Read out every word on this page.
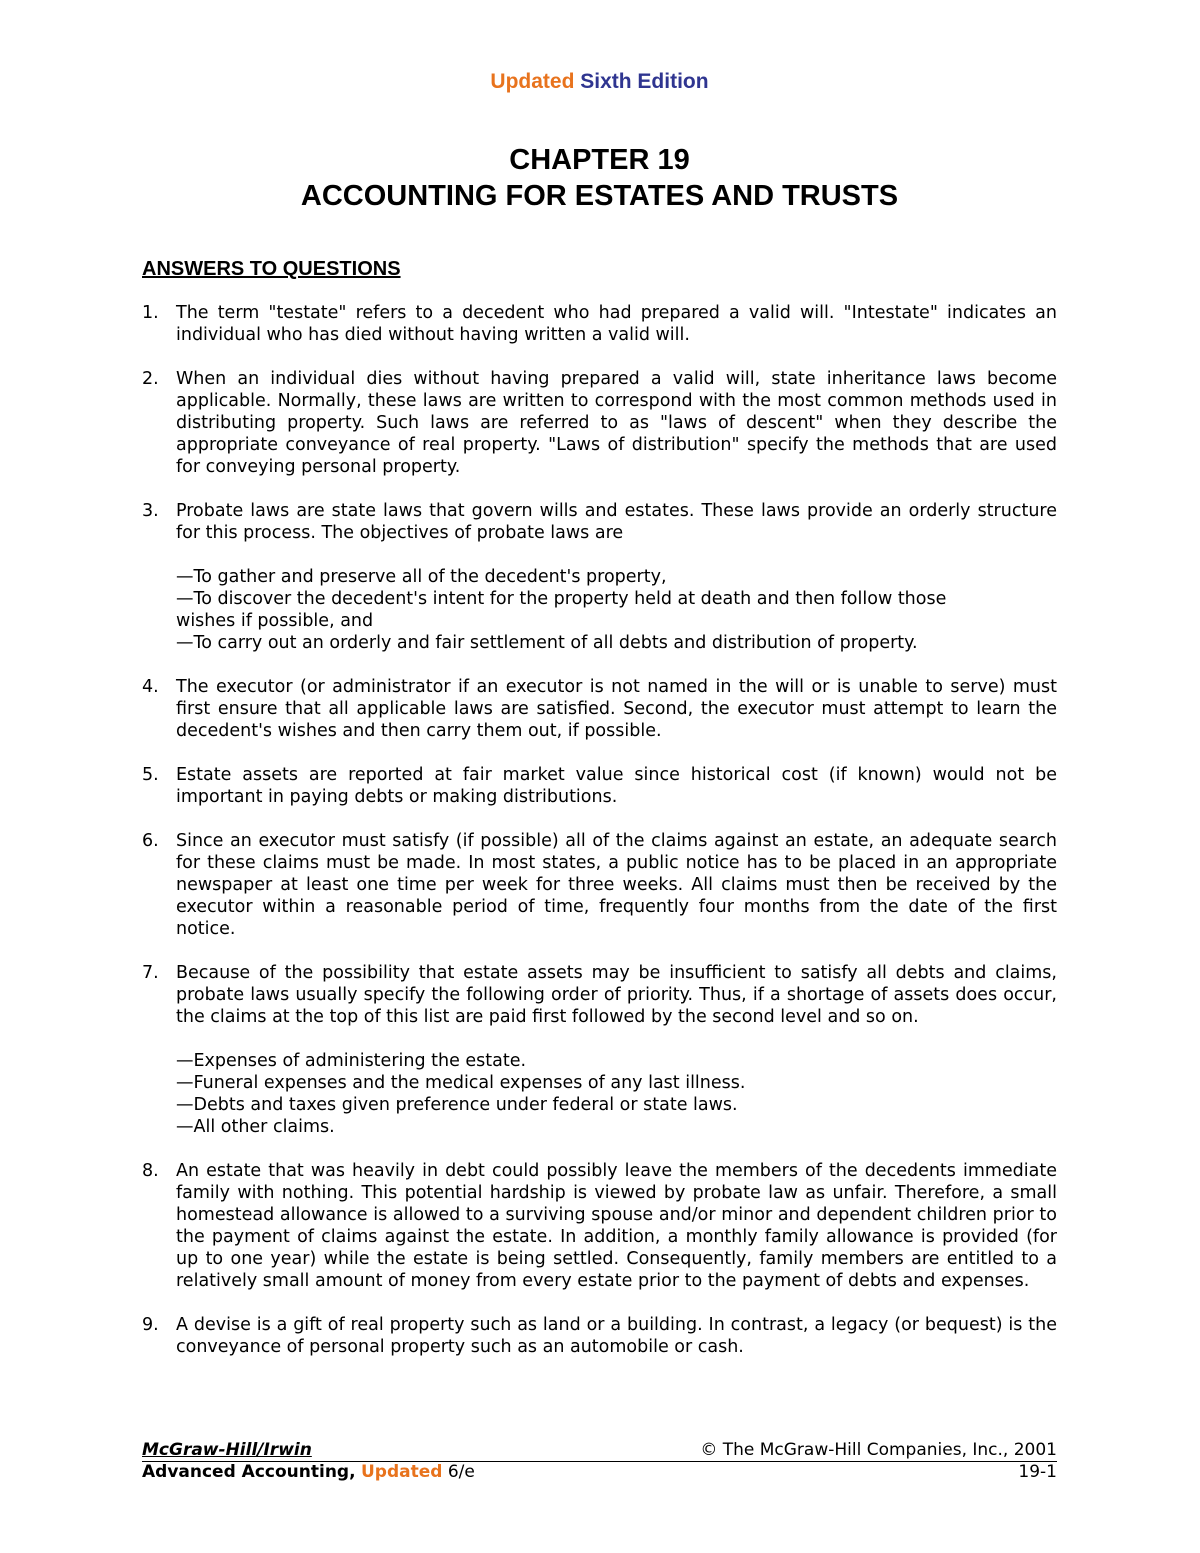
Updated Sixth Edition
CHAPTER 19
ACCOUNTING FOR ESTATES AND TRUSTS
ANSWERS TO QUESTIONS
1. The term "testate" refers to a decedent who had prepared a valid will. "Intestate" indicates an individual who has died without having written a valid will.

2. When an individual dies without having prepared a valid will, state inheritance laws become applicable. Normally, these laws are written to correspond with the most common methods used in distributing property. Such laws are referred to as "laws of descent" when they describe the appropriate conveyance of real property. "Laws of distribution" specify the methods that are used for conveying personal property.

3. Probate laws are state laws that govern wills and estates. These laws provide an orderly structure for this process. The objectives of probate laws are

—To gather and preserve all of the decedent's property,

—To discover the decedent's intent for the property held at death and then follow those

wishes if possible, and

—To carry out an orderly and fair settlement of all debts and distribution of property.

4. The executor (or administrator if an executor is not named in the will or is unable to serve) must first ensure that all applicable laws are satisfied. Second, the executor must attempt to learn the decedent's wishes and then carry them out, if possible.

5. Estate assets are reported at fair market value since historical cost (if known) would not be important in paying debts or making distributions.

6. Since an executor must satisfy (if possible) all of the claims against an estate, an adequate search for these claims must be made. In most states, a public notice has to be placed in an appropriate newspaper at least one time per week for three weeks. All claims must then be received by the executor within a reasonable period of time, frequently four months from the date of the first notice.

7. Because of the possibility that estate assets may be insufficient to satisfy all debts and claims, probate laws usually specify the following order of priority. Thus, if a shortage of assets does occur, the claims at the top of this list are paid first followed by the second level and so on.

—Expenses of administering the estate.

—Funeral expenses and the medical expenses of any last illness.

—Debts and taxes given preference under federal or state laws.

—All other claims.

8. An estate that was heavily in debt could possibly leave the members of the decedents immediate family with nothing. This potential hardship is viewed by probate law as unfair. Therefore, a small homestead allowance is allowed to a surviving spouse and/or minor and dependent children prior to the payment of claims against the estate. In addition, a monthly family allowance is provided (for up to one year) while the estate is being settled. Consequently, family members are entitled to a relatively small amount of money from every estate prior to the payment of debts and expenses.

9. A devise is a gift of real property such as land or a building. In contrast, a legacy (or bequest) is the conveyance of personal property such as an automobile or cash.

McGraw-Hill/Irwin	© The McGraw-Hill Companies, Inc., 2001
Advanced Accounting, Updated 6/e	19-1
